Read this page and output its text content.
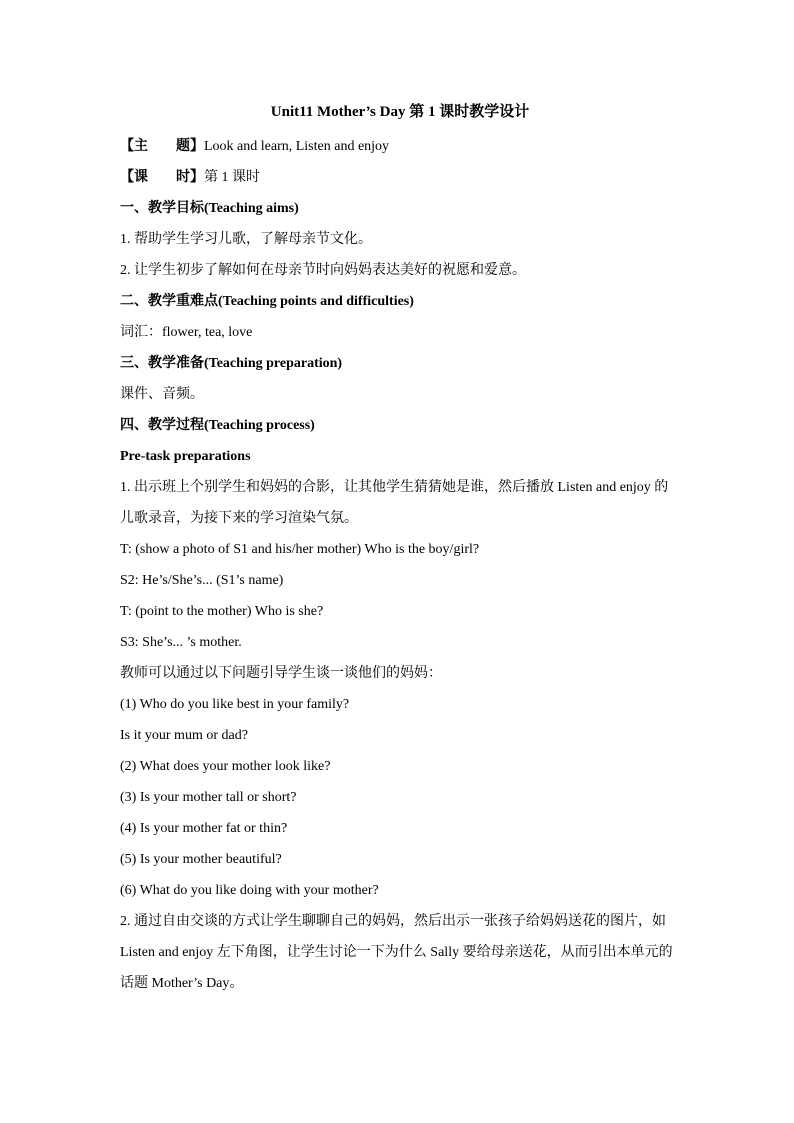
Unit11 Mother’s Day 第 1 课时教学设计
【主 题】Look and learn, Listen and enjoy
【课 时】第 1 课时
一、教学目标(Teaching aims)
1. 帮助学生学习儿歌，了解母亲节文化。
2. 让学生初步了解如何在母亲节时向妈妈表达美好的祝愿和爱意。
二、教学重难点(Teaching points and difficulties)
词汇：flower, tea, love
三、教学准备(Teaching preparation)
课件、音频。
四、教学过程(Teaching process)
Pre-task preparations
1. 出示班上个别学生和妈妈的合影，让其他学生猜猜她是谁，然后播放 Listen and enjoy 的儿歌录音，为接下来的学习渲染气氛。
T: (show a photo of S1 and his/her mother) Who is the boy/girl?
S2: He’s/She’s... (S1’s name)
T: (point to the mother) Who is she?
S3: She’s... ’s mother.
教师可以通过以下问题引导学生谈一谈他们的妈妈：
(1) Who do you like best in your family?
Is it your mum or dad?
(2) What does your mother look like?
(3) Is your mother tall or short?
(4) Is your mother fat or thin?
(5) Is your mother beautiful?
(6) What do you like doing with your mother?
2. 通过自由交谈的方式让学生聊聊自己的妈妈，然后出示一张孩子给妈妈送花的图片，如 Listen and enjoy 左下角图，让学生讨论一下为什么 Sally 要给母亲送花，从而引出本单元的话题 Mother’s Day。
